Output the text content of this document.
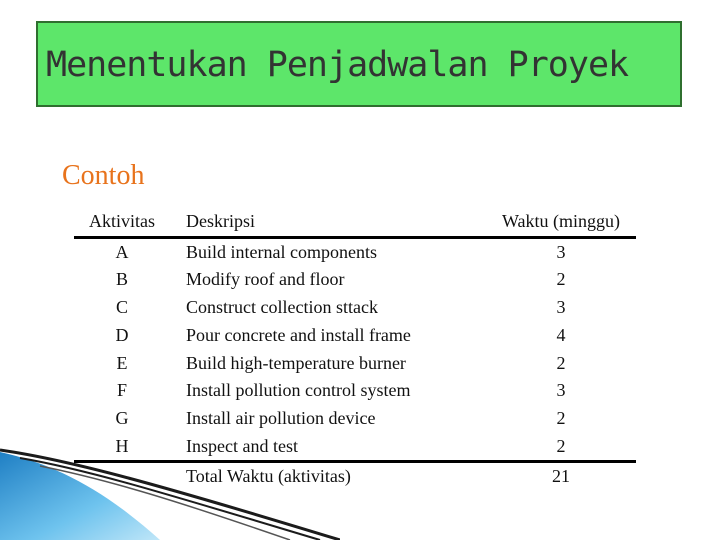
Menentukan Penjadwalan Proyek
Contoh
Aktivitas	Deskripsi	Waktu (minggu)
A	Build internal components	3
B	Modify roof and floor	2
C	Construct collection sttack	3
D	Pour concrete and install frame	4
E	Build high-temperature burner	2
F	Install pollution control system	3
G	Install air pollution device	2
H	Inspect and test	2
	Total Waktu (aktivitas)	21
